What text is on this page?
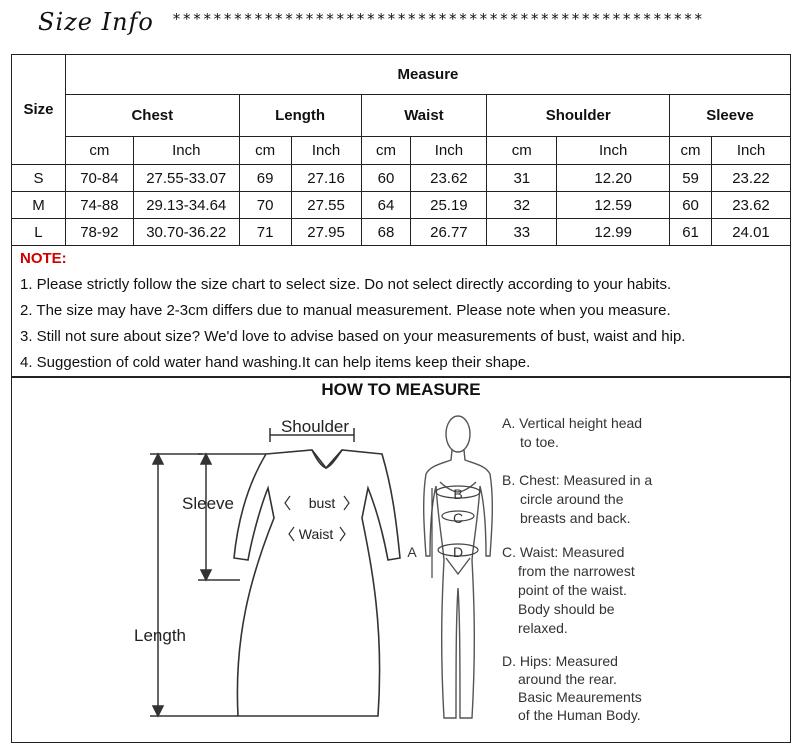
Size Info ****************************************************
Size	Measure									
	Chest		Length		Waist		Shoulder		Sleeve	
	cm	Inch	cm	Inch	cm	Inch	cm	Inch	cm	Inch
S	70-84	27.55-33.07	69	27.16	60	23.62	31	12.20	59	23.22
M	74-88	29.13-34.64	70	27.55	64	25.19	32	12.59	60	23.62
L	78-92	30.70-36.22	71	27.95	68	26.77	33	12.99	61	24.01
NOTE:
1. Please strictly follow the size chart to select size. Do not select directly according to your habits.
2. The size may have 2-3cm differs due to manual measurement. Please note when you measure.
3. Still not sure about size? We'd love to advise based on your measurements of bust, waist and hip.
4. Suggestion of cold water hand washing.It can help items keep their shape.
HOW TO MEASURE
Shoulder
Sleeve
Length
bust
Waist
B
C
D
A
A. Vertical height head
to toe.
B. Chest: Measured in a
circle around the
breasts and back.
C. Waist: Measured
from the narrowest
point of the waist.
Body should be
relaxed.
D. Hips: Measured
around the rear.
Basic Meaurements
of the Human Body.
